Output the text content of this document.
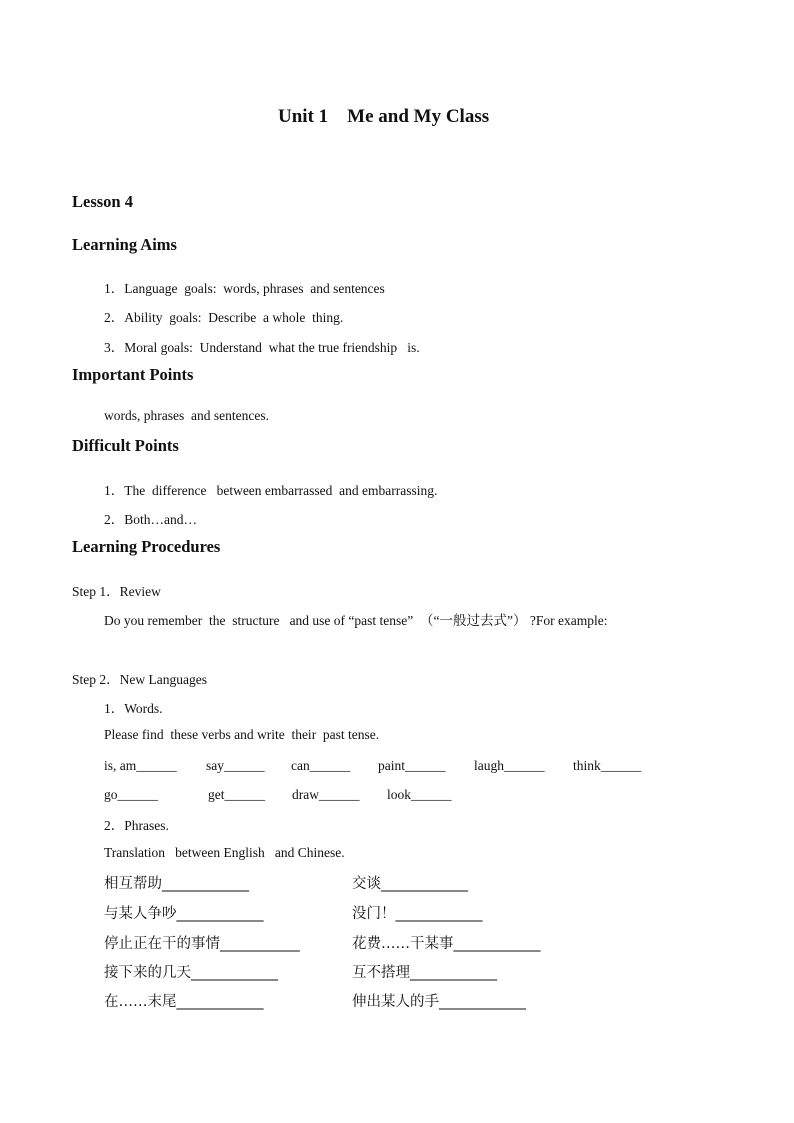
Unit 1    Me and My Class
Lesson 4
Learning Aims
1．Language  goals:  words, phrases  and sentences
2．Ability  goals:  Describe  a whole  thing.
3．Moral goals:  Understand  what the true friendship   is.
Important Points
words, phrases  and sentences.
Difficult Points
1．The  difference   between embarrassed  and embarrassing.
2．Both…and…
Learning Procedures
Step 1．Review
Do you remember  the  structure   and use of “past tense”  （“一般过去式”） ?For example:
Step 2．New Languages
1．Words.
Please find  these verbs and write  their  past tense.
is, am______ say______ can______ paint______ laugh______ think______
go______	get______ draw______ look______
2．Phrases.
Translation   between English   and Chinese.
相互帮助____________
与某人争吵____________
停止正在干的事情___________
接下来的几天____________
在……末尾____________
交谈____________
没门！____________
花费……干某事____________
互不搭理____________
伸出某人的手____________
